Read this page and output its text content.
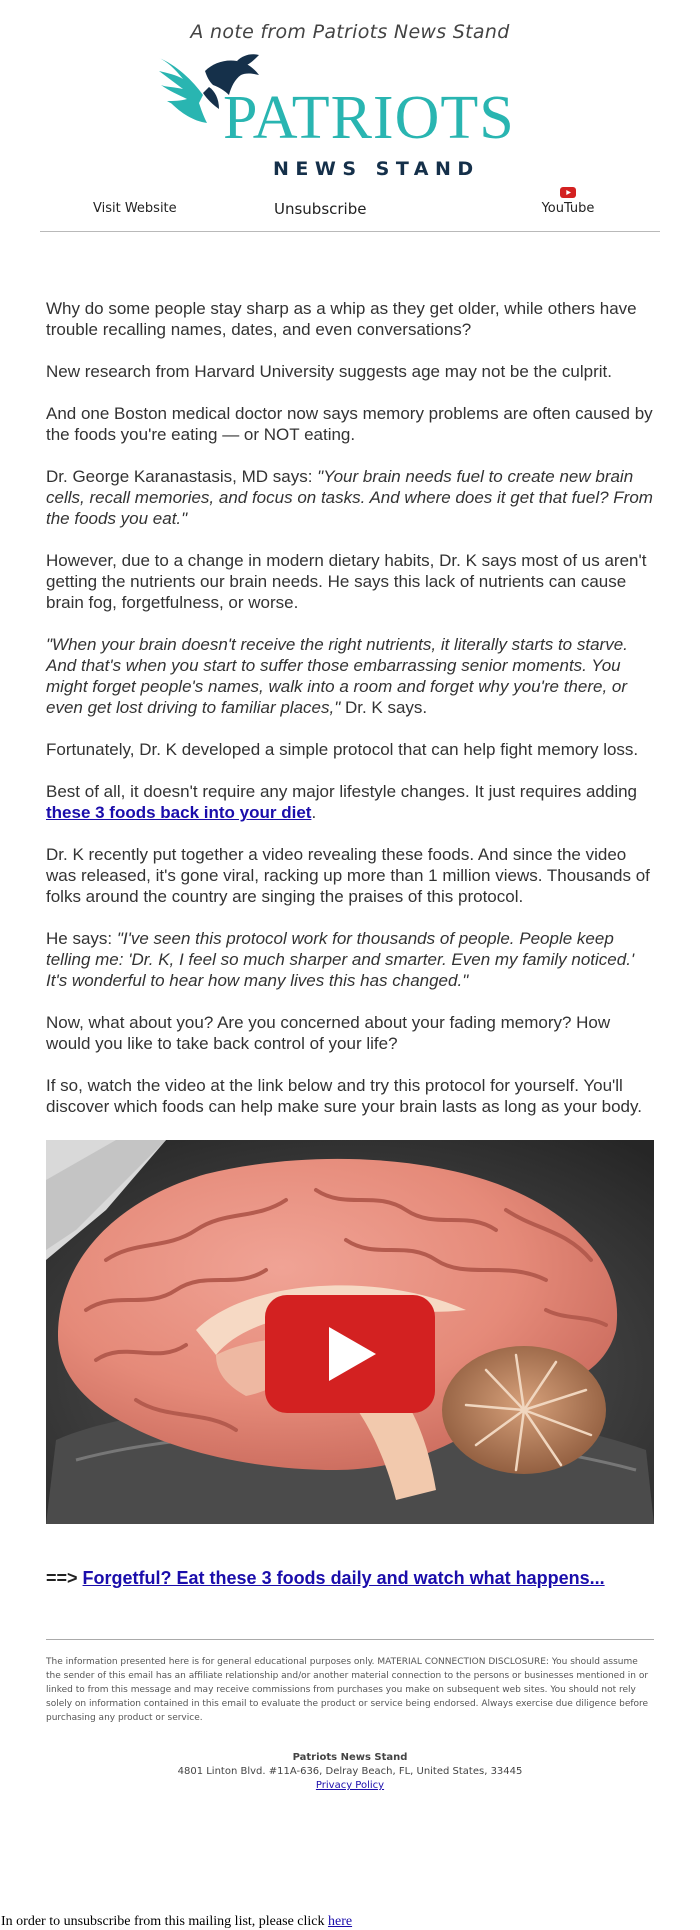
A note from Patriots News Stand
PATRIOTS
NEWS STAND
Visit Website	Unsubscribe	YouTube

Why do some people stay sharp as a whip as they get older, while others have trouble recalling names, dates, and even conversations?

New research from Harvard University suggests age may not be the culprit.

And one Boston medical doctor now says memory problems are often caused by the foods you're eating — or NOT eating.

Dr. George Karanastasis, MD says: "Your brain needs fuel to create new brain cells, recall memories, and focus on tasks. And where does it get that fuel? From the foods you eat."

However, due to a change in modern dietary habits, Dr. K says most of us aren't getting the nutrients our brain needs. He says this lack of nutrients can cause brain fog, forgetfulness, or worse.

"When your brain doesn't receive the right nutrients, it literally starts to starve. And that's when you start to suffer those embarrassing senior moments. You might forget people's names, walk into a room and forget why you're there, or even get lost driving to familiar places," Dr. K says.

Fortunately, Dr. K developed a simple protocol that can help fight memory loss.

Best of all, it doesn't require any major lifestyle changes. It just requires adding these 3 foods back into your diet.

Dr. K recently put together a video revealing these foods. And since the video was released, it's gone viral, racking up more than 1 million views. Thousands of folks around the country are singing the praises of this protocol.

He says: "I've seen this protocol work for thousands of people. People keep telling me: 'Dr. K, I feel so much sharper and smarter. Even my family noticed.' It's wonderful to hear how many lives this has changed."

Now, what about you? Are you concerned about your fading memory? How would you like to take back control of your life?

If so, watch the video at the link below and try this protocol for yourself. You'll discover which foods can help make sure your brain lasts as long as your body.

==> Forgetful? Eat these 3 foods daily and watch what happens...
The information presented here is for general educational purposes only. MATERIAL CONNECTION DISCLOSURE: You should assume the sender of this email has an affiliate relationship and/or another material connection to the persons or businesses mentioned in or linked to from this message and may receive commissions from purchases you make on subsequent web sites. You should not rely solely on information contained in this email to evaluate the product or service being endorsed. Always exercise due diligence before purchasing any product or service.
Patriots News Stand
4801 Linton Blvd. #11A-636, Delray Beach, FL, United States, 33445
Privacy Policy
In order to unsubscribe from this mailing list, please click here
